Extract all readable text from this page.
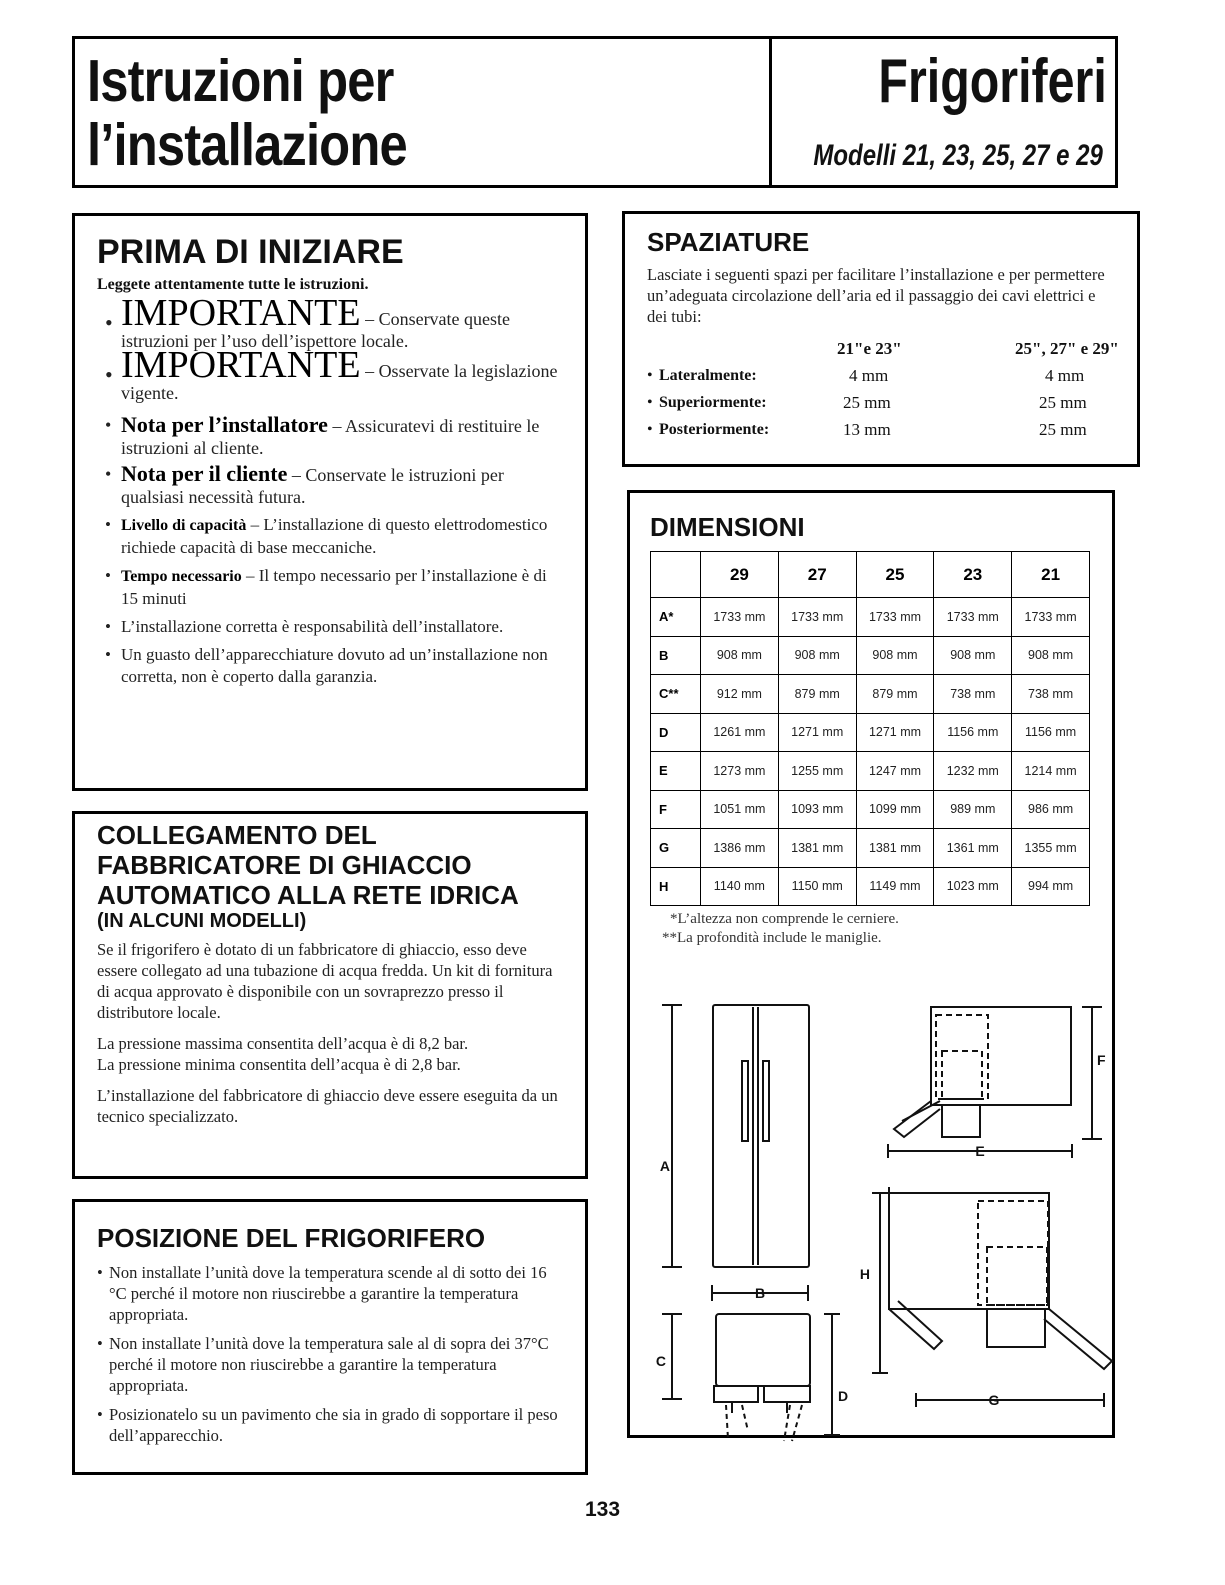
Istruzioni per
l’installazione
Frigoriferi
Modelli 21, 23, 25, 27 e 29
PRIMA DI INIZIARE
Leggete attentamente tutte le istruzioni.
• IMPORTANTE – Conservate queste istruzioni per l’uso dell’ispettore locale.
• IMPORTANTE – Osservate la legislazione vigente.
• Nota per l’installatore – Assicuratevi di restituire le istruzioni al cliente.
• Nota per il cliente – Conservate le istruzioni per qualsiasi necessità futura.
• Livello di capacità – L’installazione di questo elettrodomestico richiede capacità di base meccaniche.
• Tempo necessario – Il tempo necessario per l’installazione è di 15 minuti
• L’installazione corretta è responsabilità dell’installatore.
• Un guasto dell’apparecchiature dovuto ad un’installazione non corretta, non è coperto dalla garanzia.
COLLEGAMENTO DEL FABBRICATORE DI GHIACCIO AUTOMATICO ALLA RETE IDRICA
(IN ALCUNI MODELLI)

Se il frigorifero è dotato di un fabbricatore di ghiaccio, esso deve essere collegato ad una tubazione di acqua fredda. Un kit di fornitura di acqua approvato è disponibile con un sovraprezzo presso il distributore locale.

La pressione massima consentita dell’acqua è di 8,2 bar.
La pressione minima consentita dell’acqua è di 2,8 bar.

L’installazione del fabbricatore di ghiaccio deve essere eseguita da un tecnico specializzato.

POSIZIONE DEL FRIGORIFERO
• Non installate l’unità dove la temperatura scende al di sotto dei 16 °C perché il motore non riuscirebbe a garantire la temperatura appropriata.
• Non installate l’unità dove la temperatura sale al di sopra dei 37°C perché il motore non riuscirebbe a garantire la temperatura appropriata.
• Posizionatelo su un pavimento che sia in grado di sopportare il peso dell’apparecchio.
SPAZIATURE

Lasciate i seguenti spazi per facilitare l’installazione e per permettere un’adeguata circolazione dell’aria ed il passaggio dei cavi elettrici e dei tubi:

21"e 23"	25", 27" e 29"
• Lateralmente:	4 mm	4 mm
• Superiormente:	25 mm	25 mm
• Posteriormente:	13 mm	25 mm
DIMENSIONI
	29	27	25	23	21
A*	1733 mm	1733 mm	1733 mm	1733 mm	1733 mm
B	908 mm	908 mm	908 mm	908 mm	908 mm
C**	912 mm	879 mm	879 mm	738 mm	738 mm
D	1261 mm	1271 mm	1271 mm	1156 mm	1156 mm
E	1273 mm	1255 mm	1247 mm	1232 mm	1214 mm
F	1051 mm	1093 mm	1099 mm	989 mm	986 mm
G	1386 mm	1381 mm	1381 mm	1361 mm	1355 mm
H	1140 mm	1150 mm	1149 mm	1023 mm	994 mm
*L’altezza non comprende le cerniere.
**La profondità include le maniglie.
A
B
C
D
E
F
H
G
133
